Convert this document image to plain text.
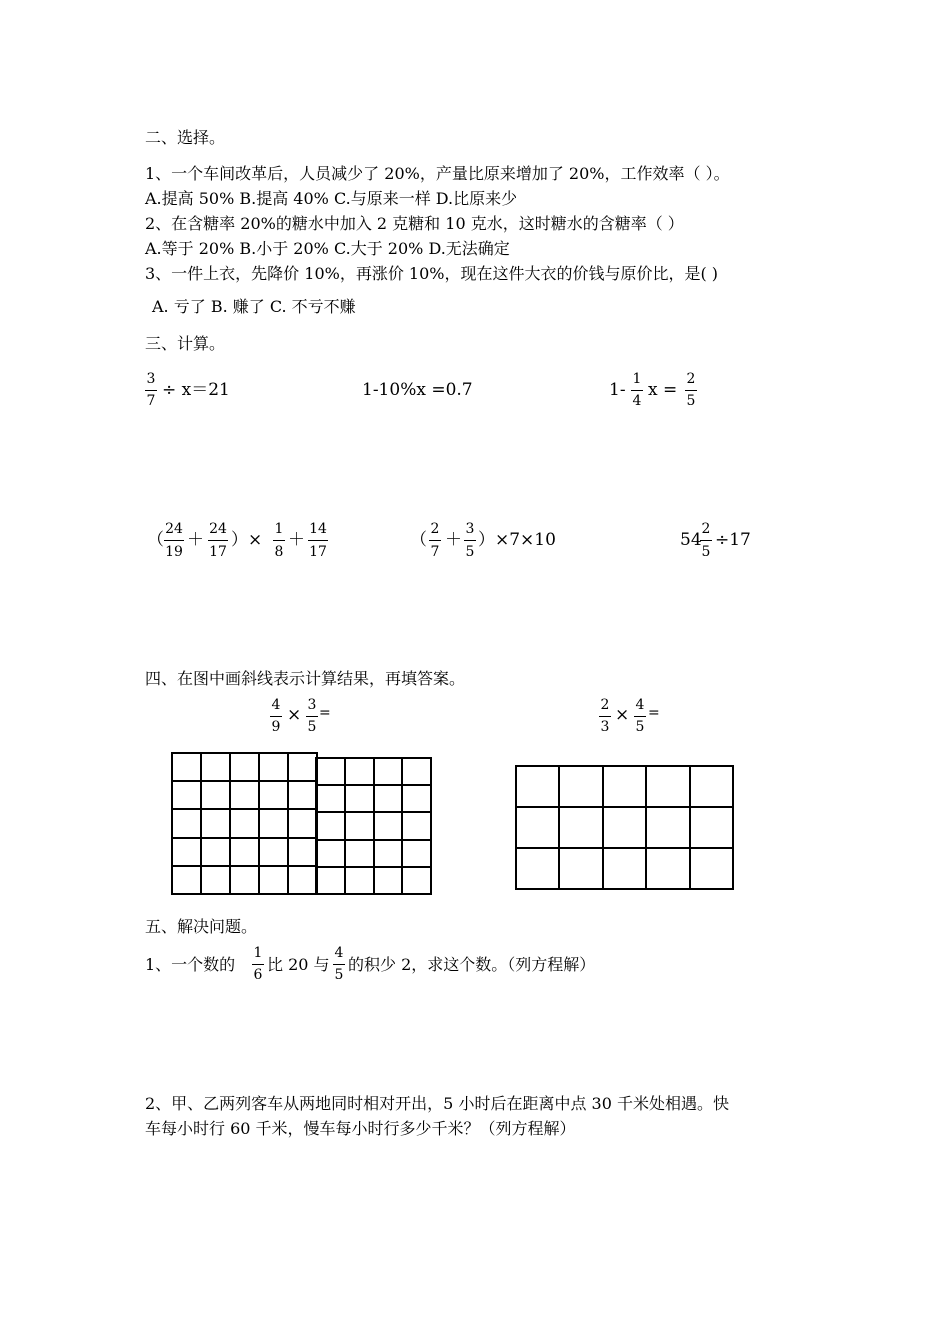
二、选择。
1、一个车间改革后，人员减少了 20%，产量比原来增加了 20%，工作效率（ ）。
A.提高 50% B.提高 40% C.与原来一样 D.比原来少
2、在含糖率 20%的糖水中加入 2 克糖和 10 克水，这时糖水的含糖率（ ）
A.等于 20% B.小于 20% C.大于 20% D.无法确定
3、一件上衣，先降价 10%，再涨价 10%，现在这件大衣的价钱与原价比，是( )
A. 亏了 B. 赚了 C. 不亏不赚
三、计算。
3
7
÷ x＝21	1-10%x =0.7	1-
1
4
x =
2
5
（
24
19
＋
24
17
）×
1
8
＋
14
17
（
2
7
＋
3
5
）×7×10	54
2
5
÷17
四、在图中画斜线表示计算结果，再填答案。
4
9
× 3
5
=	2
3
× 4
5
=

五、解决问题。
1、一个数的
1
6
比 20 与
4
5
的积少 2，求这个数。（列方程解）
2、甲、乙两列客车从两地同时相对开出，5 小时后在距离中点 30 千米处相遇。快
车每小时行 60 千米，慢车每小时行多少千米？（列方程解）
